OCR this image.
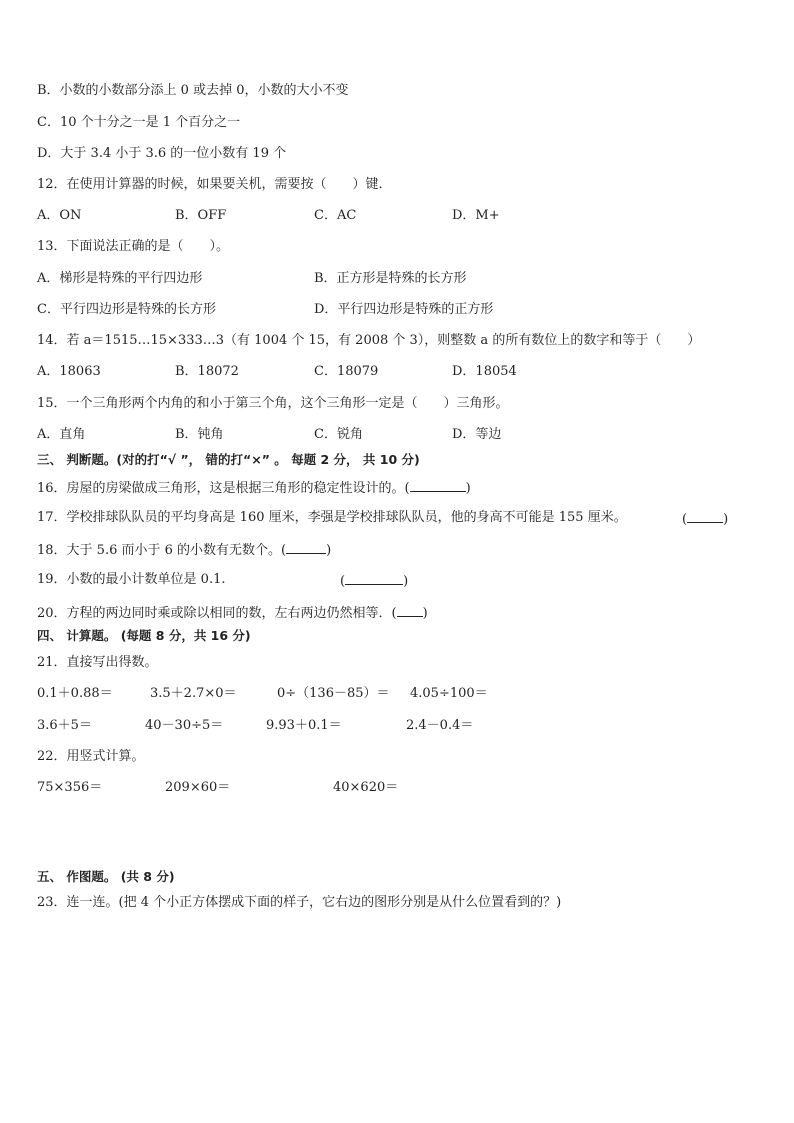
B．小数的小数部分添上 0 或去掉 0，小数的大小不变
C．10 个十分之一是 1 个百分之一
D．大于 3.4 小于 3.6 的一位小数有 19 个
12．在使用计算器的时候，如果要关机，需要按（　　）键．
A．ON	B．OFF	C．AC	D．M+
13．下面说法正确的是（　　）。
A．梯形是特殊的平行四边形	B．正方形是特殊的长方形
C．平行四边形是特殊的长方形	D．平行四边形是特殊的正方形
14．若 a＝1515…15×333…3（有 1004 个 15，有 2008 个 3），则整数 a 的所有数位上的数字和等于（　　）
A．18063	B．18072	C．18079	D．18054
15．一个三角形两个内角的和小于第三个角，这个三角形一定是（　　）三角形。
A．直角	B．钝角	C．锐角	D．等边
三、 判断题。(对的打“√ ”， 错的打“×” 。 每题 2 分， 共 10 分)
16．房屋的房梁做成三角形，这是根据三角形的稳定性设计的。(	)
17．学校排球队队员的平均身高是 160 厘米，李强是学校排球队队员，他的身高不可能是 155 厘米。	(	)
18．大于 5.6 而小于 6 的小数有无数个。(	)
19．小数的最小计数单位是 0.1.	(	)
20．方程的两边同时乘或除以相同的数，左右两边仍然相等．( )
四、 计算题。 (每题 8 分，共 16 分)
21．直接写出得数。
0.1＋0.88＝	3.5＋2.7×0＝	0÷（136－85）＝ 4.05÷100＝
3.6＋5＝	40－30÷5＝	9.93＋0.1＝	2.4－0.4＝
22．用竖式计算。
75×356＝	209×60＝	40×620＝
五、 作图题。 (共 8 分)
23．连一连。(把 4 个小正方体摆成下面的样子，它右边的图形分别是从什么位置看到的？)
